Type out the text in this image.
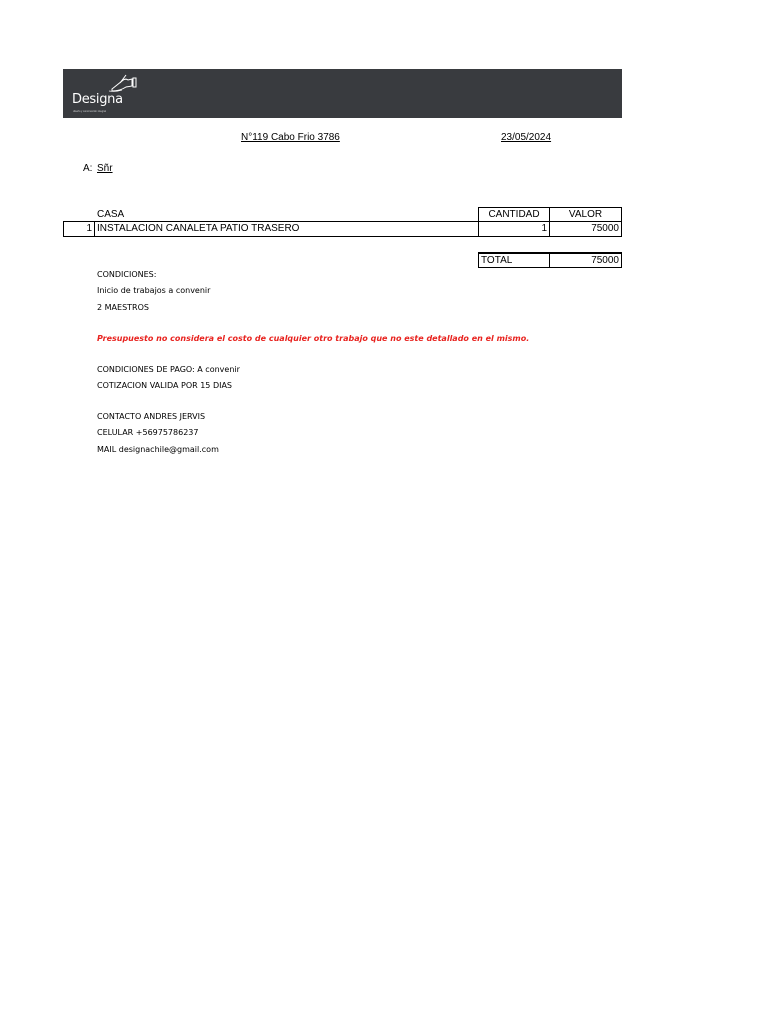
Designa
diseño y construcción integral
N°119 Cabo Frio 3786	23/05/2024
A: Sñr
CASA	CANTIDAD	VALOR
1 INSTALACION CANALETA PATIO TRASERO	1	75000
TOTAL	75000
CONDICIONES:
Inicio de trabajos a convenir
2 MAESTROS
Presupuesto no considera el costo de cualquier otro trabajo que no este detallado en el mismo.
CONDICIONES DE PAGO: A convenir
COTIZACION VALIDA POR 15 DIAS
CONTACTO ANDRES JERVIS
CELULAR +56975786237
MAIL designachile@gmail.com
